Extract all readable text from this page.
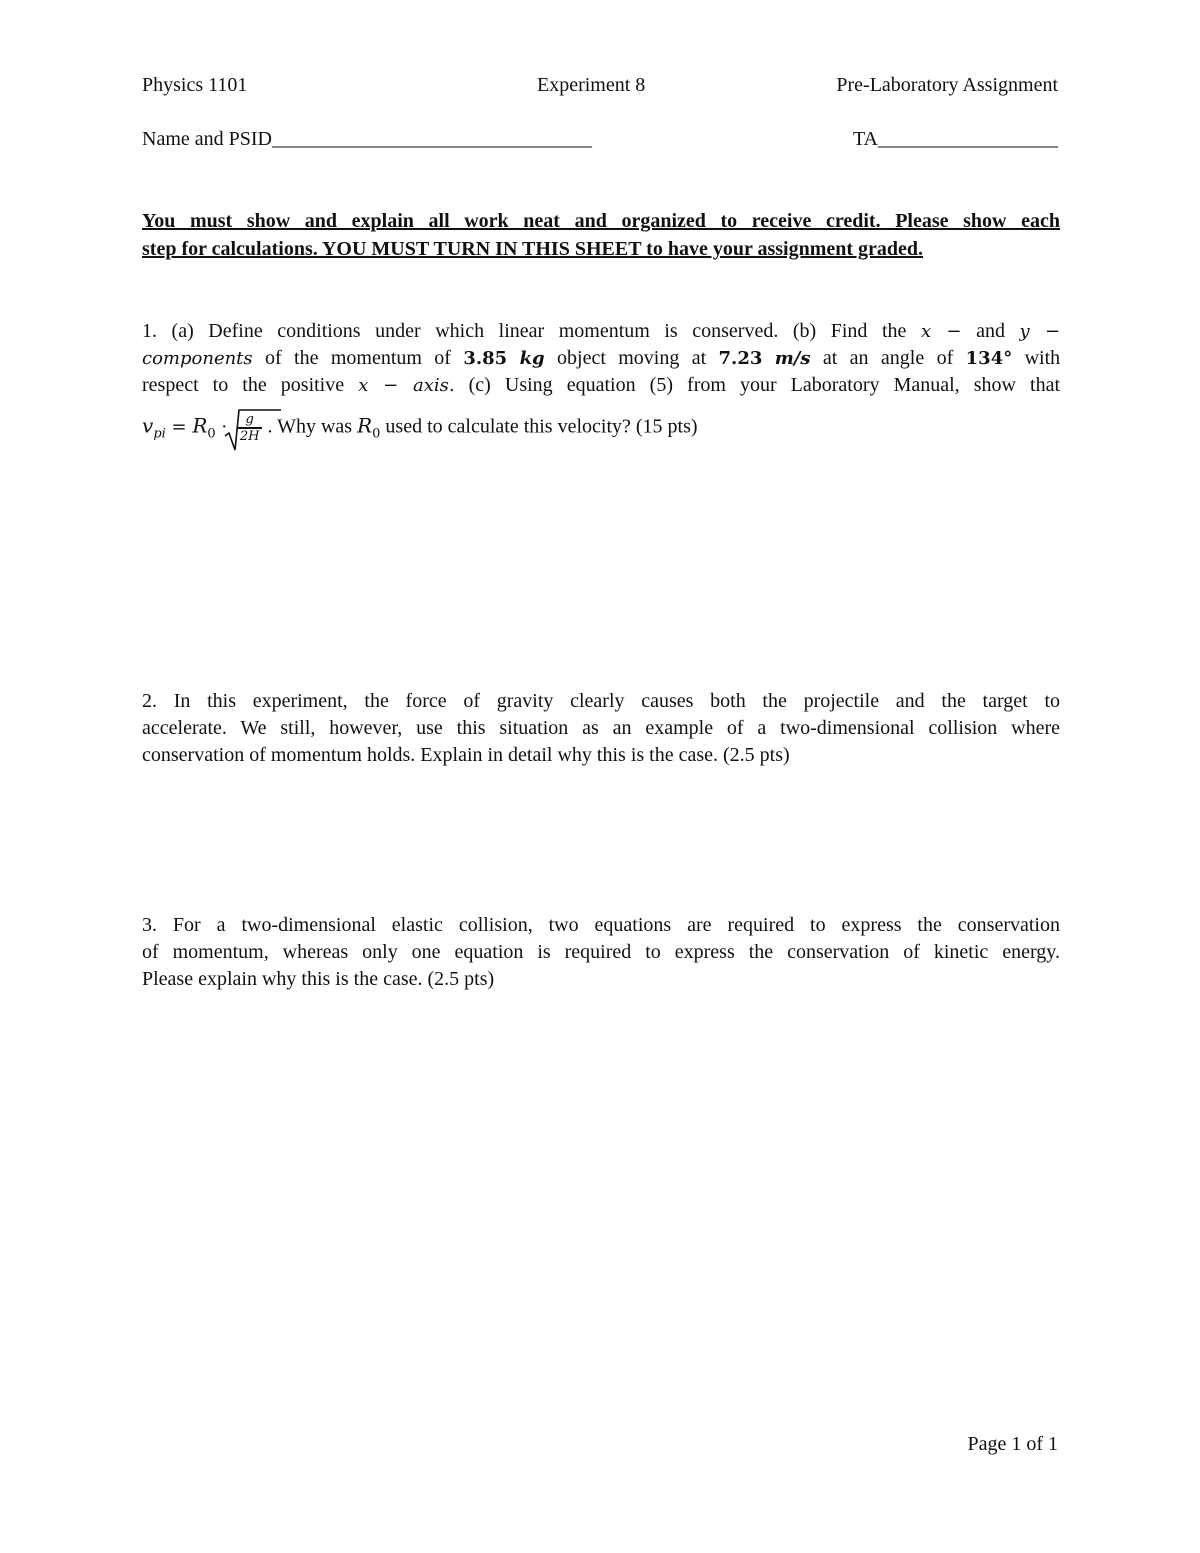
Physics 1101	Experiment 8	Pre-Laboratory Assignment
Name and PSID________________________________	TA__________________
You must show and explain all work neat and organized to receive credit. Please show each
step for calculations. YOU MUST TURN IN THIS SHEET to have your assignment graded.
1. (a) Define conditions under which linear momentum is conserved. (b) Find the x − and y −
components of the momentum of 3.85 kg object moving at 7.23 m/s at an angle of 134° with
respect to the positive x − axis. (c) Using equation (5) from your Laboratory Manual, show that
$v_{pi} = R_0 \cdot \frac{g}{2H}$ . Why was $R_0$ used to calculate this velocity? (15 pts)
2. In this experiment, the force of gravity clearly causes both the projectile and the target to
accelerate. We still, however, use this situation as an example of a two-dimensional collision where
conservation of momentum holds. Explain in detail why this is the case. (2.5 pts)
3. For a two-dimensional elastic collision, two equations are required to express the conservation
of momentum, whereas only one equation is required to express the conservation of kinetic energy.
Please explain why this is the case. (2.5 pts)
Page 1 of 1
